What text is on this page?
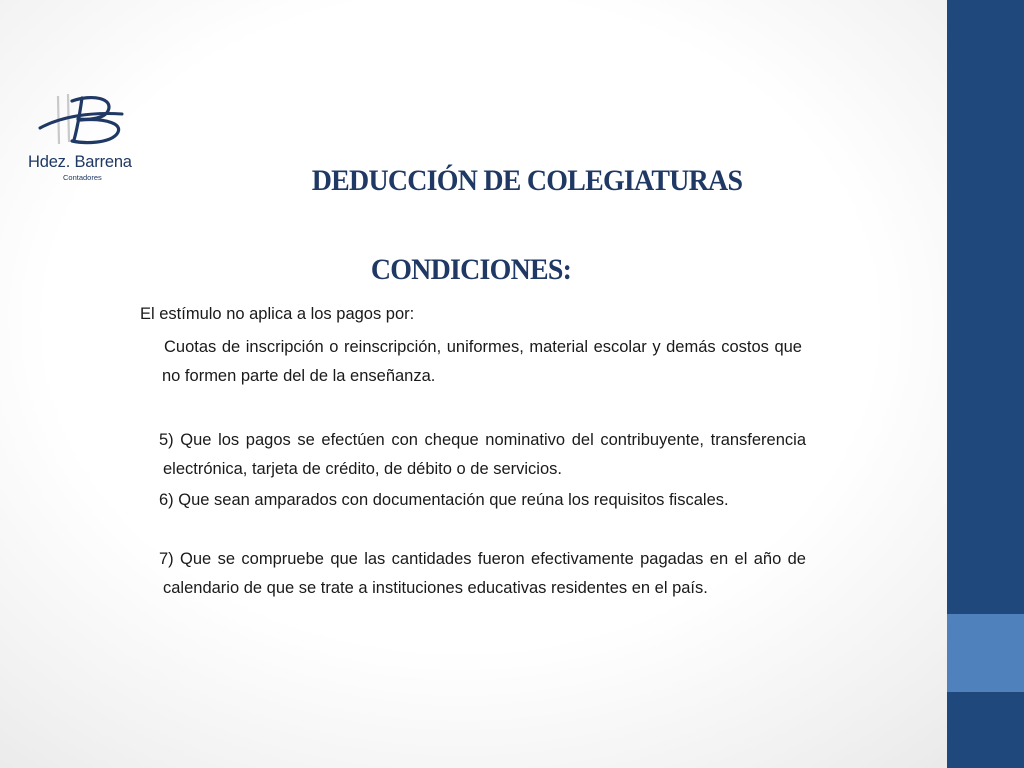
Hdez. Barrena
Contadores	DEDUCCIÓN DE COLEGIATURAS
CONDICIONES:
El estímulo no aplica a los pagos por:

Cuotas de inscripción o reinscripción, uniformes, material escolar y demás costos que no formen parte del de la enseñanza.

5) Que los pagos se efectúen con cheque nominativo del contribuyente, transferencia electrónica, tarjeta de crédito, de débito o de servicios.

6) Que sean amparados con documentación que reúna los requisitos fiscales.

7) Que se compruebe que las cantidades fueron efectivamente pagadas en el año de calendario de que se trate a instituciones educativas residentes en el país.
